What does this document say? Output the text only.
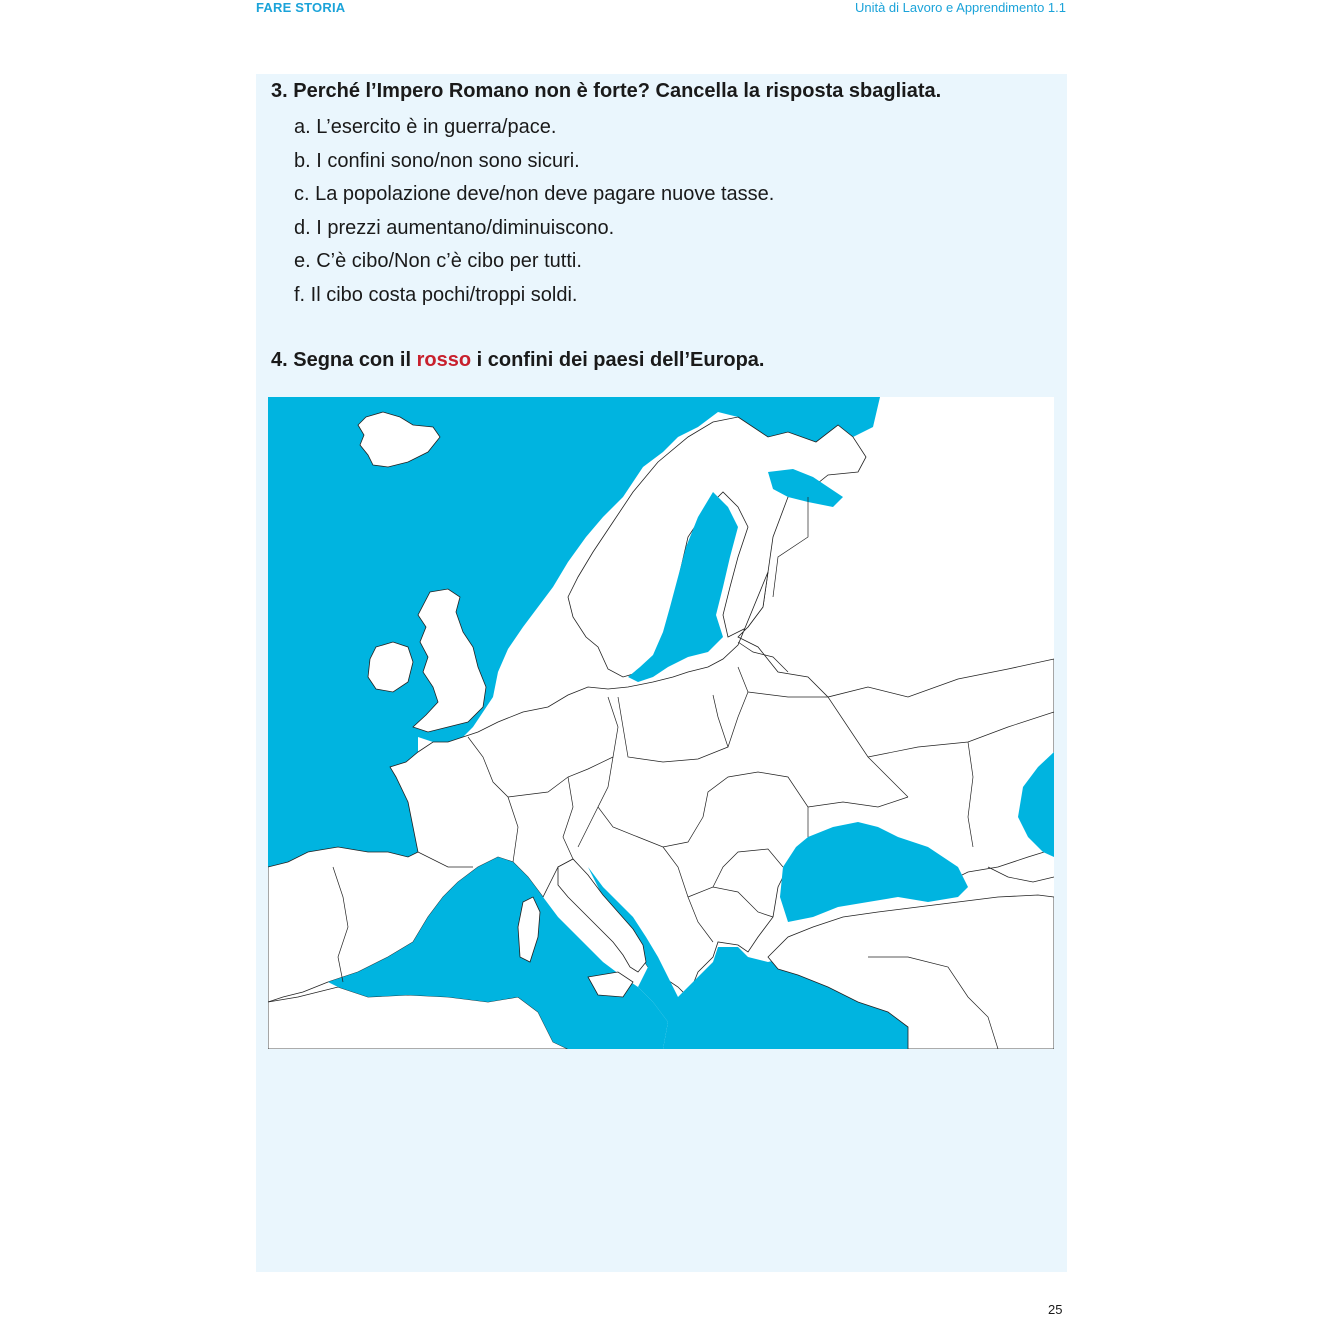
FARE STORIA	Unità di Lavoro e Apprendimento 1.1
3. Perché l’Impero Romano non è forte? Cancella la risposta sbagliata.
a. L’esercito è in guerra/pace.
b. I confini sono/non sono sicuri.
c. La popolazione deve/non deve pagare nuove tasse.
d. I prezzi aumentano/diminuiscono.
e. C’è cibo/Non c’è cibo per tutti.
f. Il cibo costa pochi/troppi soldi.
4. Segna con il rosso i confini dei paesi dell’Europa.
25
